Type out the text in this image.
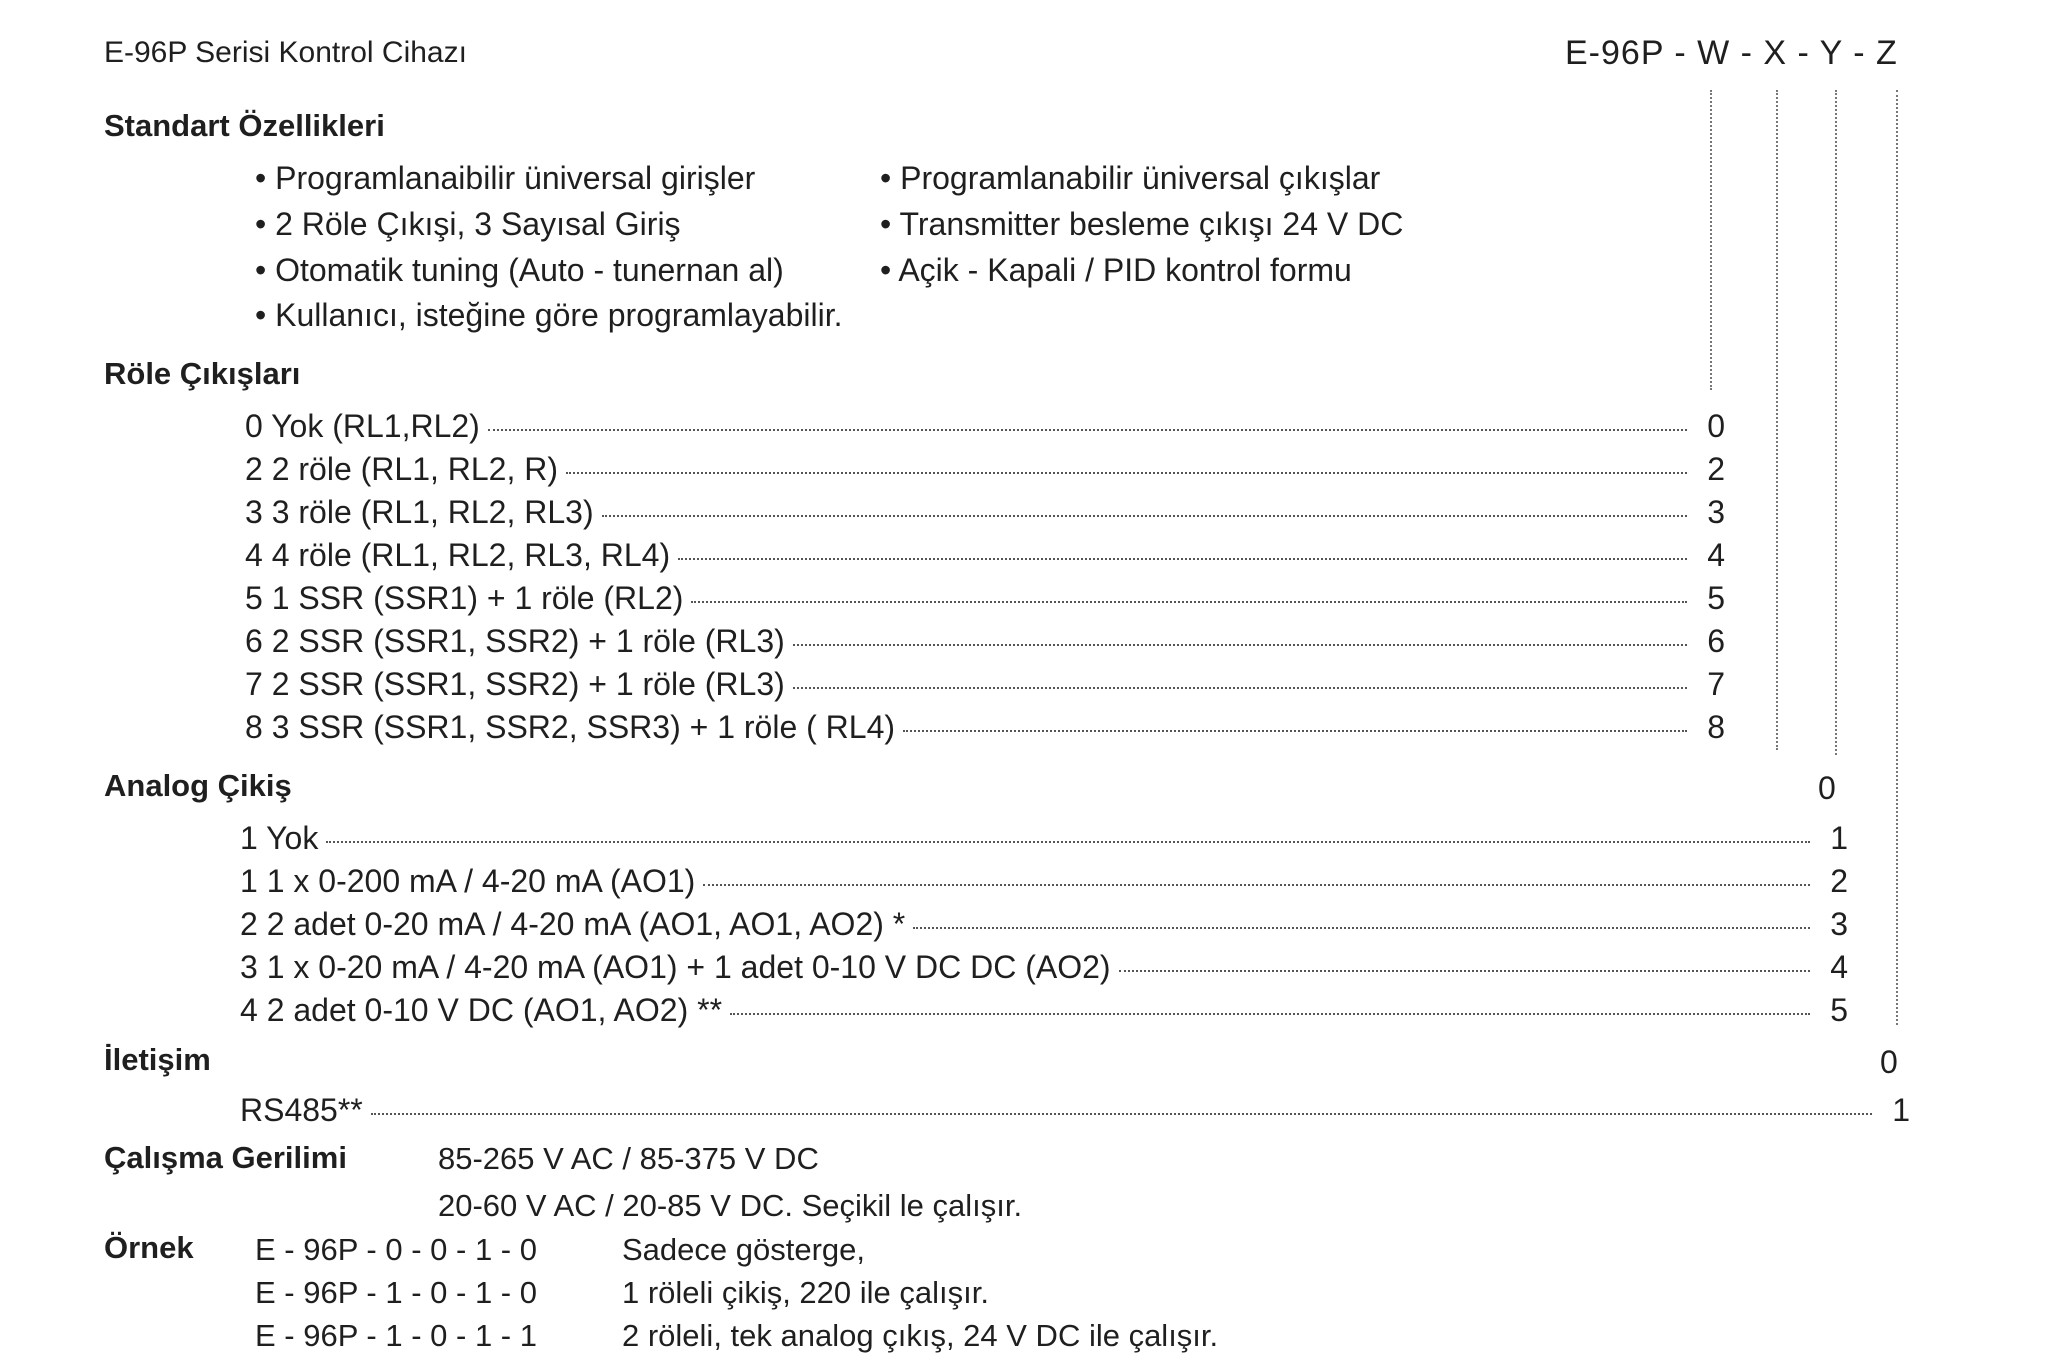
E-96P Serisi Kontrol Cihazı	E-96P - W - X - Y - Z
Standart Özellikleri
• Programlanaibilir üniversal girişler
• 2 Röle Çıkışi, 3 Sayısal Giriş
• Otomatik tuning (Auto - tunernan al)
• Kullanıcı, isteğine göre programlayabilir.
• Programlanabilir üniversal çıkışlar
• Transmitter besleme çıkışı 24 V DC
• Açik - Kapali / PID kontrol formu
Röle Çıkışları
0 Yok (RL1,RL2)	0
2 2 röle (RL1, RL2, R)	2
3 3 röle (RL1, RL2, RL3)	3
4 4 röle (RL1, RL2, RL3, RL4)	4
5 1 SSR (SSR1) + 1 röle (RL2)	5
6 2 SSR (SSR1, SSR2) + 1 röle (RL3)	6
7 2 SSR (SSR1, SSR2) + 1 röle (RL3)	7
8 3 SSR (SSR1, SSR2, SSR3) + 1 röle ( RL4)	8
Analog Çikiş	0
1 Yok	1
1 1 x 0-200 mA / 4-20 mA (AO1)	2
2 2 adet 0-20 mA / 4-20 mA (AO1, AO1, AO2) *	3
3 1 x 0-20 mA / 4-20 mA (AO1) + 1 adet 0-10 V DC DC (AO2)	4
4 2 adet 0-10 V DC (AO1, AO2) **	5
İletişim	0
RS485**	1
Çalışma Gerilimi	85-265 V AC / 85-375 V DC
20-60 V AC / 20-85 V DC. Seçikil le çalışır.
Örnek E - 96P - 0 - 0 - 1 - 0	Sadece gösterge,
E - 96P - 1 - 0 - 1 - 0	1 röleli çikiş, 220 ile çalışır.
E - 96P - 1 - 0 - 1 - 1	2 röleli, tek analog çıkış, 24 V DC ile çalışır.
